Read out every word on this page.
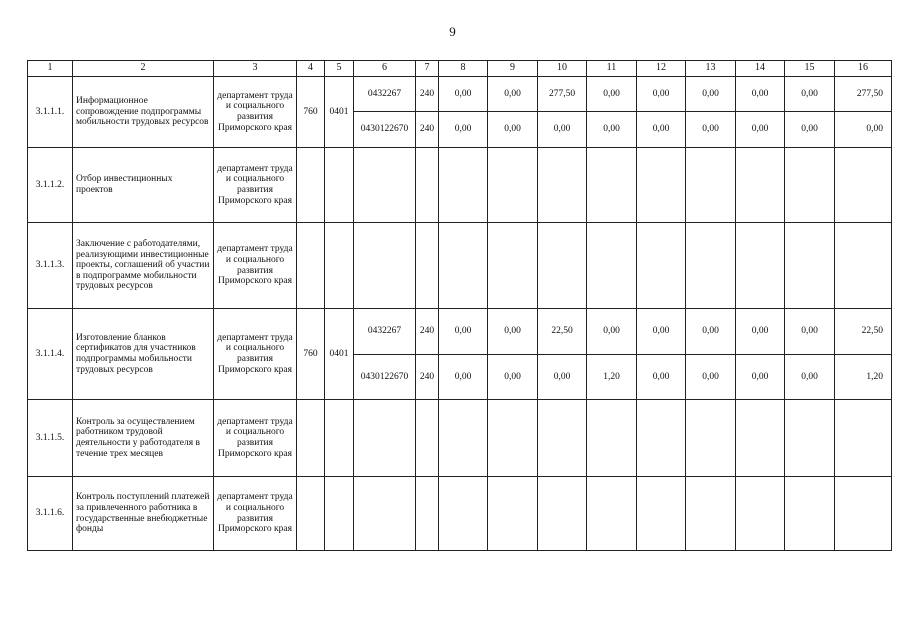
9
1	2	3	4	5	6	7	8	9	10	11	12	13	14	15	16
3.1.1.1.	Информационное сопровождение подпрограммы мобильности трудовых ресурсов	департамент труда и социального развития Приморского края	760	0401	0432267	240	0,00	0,00	277,50	0,00	0,00	0,00	0,00	0,00	277,50
					0430122670	240	0,00	0,00	0,00	0,00	0,00	0,00	0,00	0,00	0,00
3.1.1.2.	Отбор инвестиционных проектов	департамент труда и социального развития Приморского края													
3.1.1.3.	Заключение с работодателями, реализующими инвестиционные проекты, соглашений об участии в подпрограмме мобильности трудовых ресурсов	департамент труда и социального развития Приморского края													
3.1.1.4.	Изготовление бланков сертификатов для участников подпрограммы мобильности трудовых ресурсов	департамент труда и социального развития Приморского края	760	0401	0432267	240	0,00	0,00	22,50	0,00	0,00	0,00	0,00	0,00	22,50
					0430122670	240	0,00	0,00	0,00	1,20	0,00	0,00	0,00	0,00	1,20
3.1.1.5.	Контроль за осуществлением работником трудовой деятельности у работодателя в течение трех месяцев	департамент труда и социального развития Приморского края													
3.1.1.6.	Контроль поступлений платежей за привлеченного работника в государственные внебюджетные фонды	департамент труда и социального развития Приморского края													
